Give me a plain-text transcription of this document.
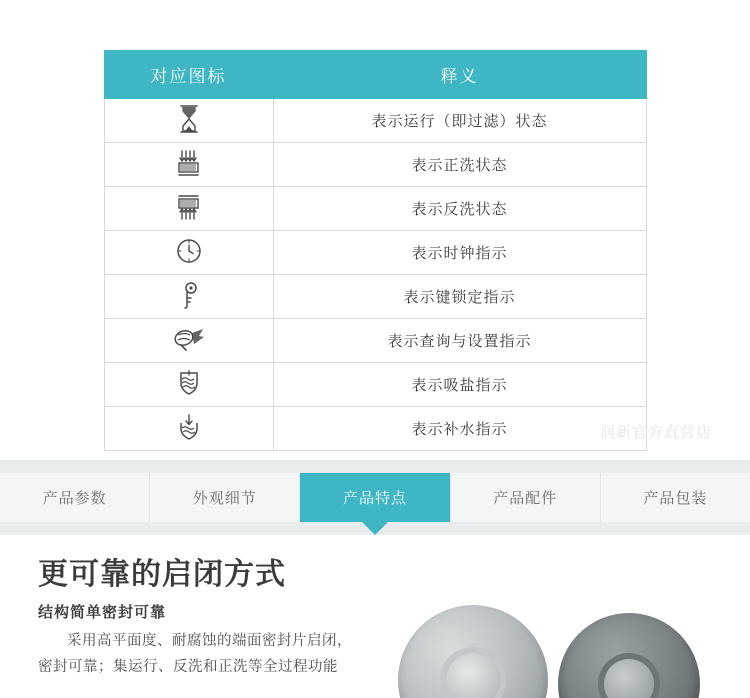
对应图标	释义

	表示运行（即过滤）状态

	表示正洗状态

	表示反洗状态

	表示时钟指示

	表示键锁定指示

	表示查询与设置指示

	表示吸盐指示

	表示补水指示	润新官方直营店
产品参数	外观细节	产品特点	产品配件	产品包装
更可靠的启闭方式
结构简单密封可靠
采用高平面度、耐腐蚀的端面密封片启闭，
密封可靠；集运行、反洗和正洗等全过程功能
